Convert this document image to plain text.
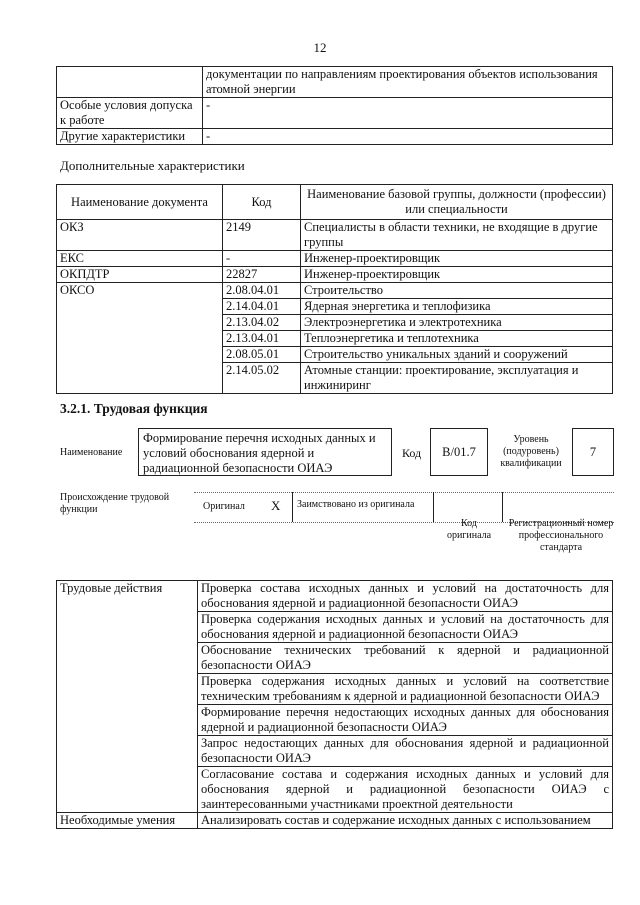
12
	документации по направлениям проектирования объектов использования атомной энергии
Особые условия допуска к работе	-
Другие характеристики	-
Дополнительные характеристики
Наименование документа	Код	Наименование базовой группы, должности (профессии) или специальности
ОКЗ	2149	Специалисты в области техники, не входящие в другие группы
ЕКС	-	Инженер-проектировщик
ОКПДТР	22827	Инженер-проектировщик
ОКСО	2.08.04.01	Строительство
	2.14.04.01	Ядерная энергетика и теплофизика
	2.13.04.02	Электроэнергетика и электротехника
	2.13.04.01	Теплоэнергетика и теплотехника
	2.08.05.01	Строительство уникальных зданий и сооружений
	2.14.05.02	Атомные станции: проектирование, эксплуатация и инжиниринг
3.2.1. Трудовая функция
Наименование
Формирование перечня исходных данных и условий обоснования ядерной и радиационной безопасности ОИАЭ
Код B/01.7
Уровень (подуровень) квалификации
7
Происхождение трудовой функции	Оригинал X Заимствовано из оригинала
Код оригинала
Регистрационный номер профессионального стандарта
Трудовые действия	Проверка состава исходных данных и условий на достаточность для обоснования ядерной и радиационной безопасности ОИАЭ
	Проверка содержания исходных данных и условий на достаточность для обоснования ядерной и радиационной безопасности ОИАЭ
	Обоснование технических требований к ядерной и радиационной безопасности ОИАЭ
	Проверка содержания исходных данных и условий на соответствие техническим требованиям к ядерной и радиационной безопасности ОИАЭ
	Формирование перечня недостающих исходных данных для обоснования ядерной и радиационной безопасности ОИАЭ
	Запрос недостающих данных для обоснования ядерной и радиационной безопасности ОИАЭ
	Согласование состава и содержания исходных данных и условий для обоснования ядерной и радиационной безопасности ОИАЭ с заинтересованными участниками проектной деятельности
Необходимые умения	Анализировать состав и содержание исходных данных с использованием
